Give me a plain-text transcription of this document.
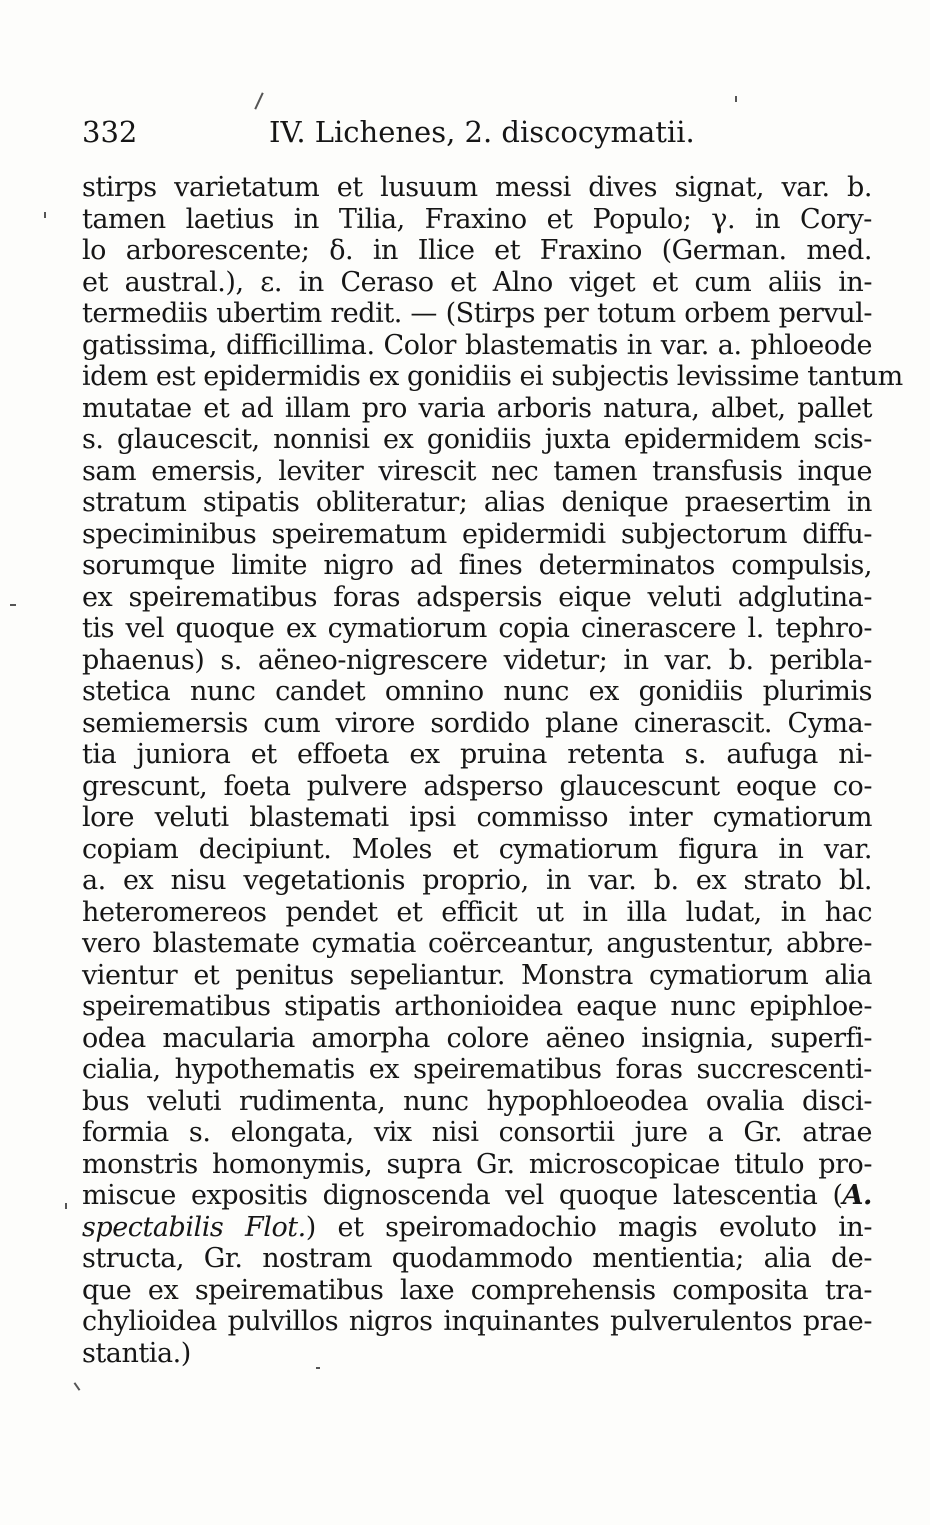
332	IV. Lichenes, 2. discocymatii.
stirps varietatum et lusuum messi dives signat, var. b.
tamen laetius in Tilia, Fraxino et Populo; γ. in Cory-
lo arborescente; δ. in Ilice et Fraxino (German. med.
et austral.), ε. in Ceraso et Alno viget et cum aliis in-
termediis ubertim redit. — (Stirps per totum orbem pervul-
gatissima, difficillima. Color blastematis in var. a. phloeode
idem est epidermidis ex gonidiis ei subjectis levissime tantum
mutatae et ad illam pro varia arboris natura, albet, pallet
s. glaucescit, nonnisi ex gonidiis juxta epidermidem scis-
sam emersis, leviter virescit nec tamen transfusis inque
stratum stipatis obliteratur; alias denique praesertim in
speciminibus speirematum epidermidi subjectorum diffu-
sorumque limite nigro ad fines determinatos compulsis,
ex speirematibus foras adspersis eique veluti adglutina-
tis vel quoque ex cymatiorum copia cinerascere l. tephro-
phaenus) s. aëneo-nigrescere videtur; in var. b. peribla-
stetica nunc candet omnino nunc ex gonidiis plurimis
semiemersis cum virore sordido plane cinerascit. Cyma-
tia juniora et effoeta ex pruina retenta s. aufuga ni-
grescunt, foeta pulvere adsperso glaucescunt eoque co-
lore veluti blastemati ipsi commisso inter cymatiorum
copiam decipiunt. Moles et cymatiorum figura in var.
a. ex nisu vegetationis proprio, in var. b. ex strato bl.
heteromereos pendet et efficit ut in illa ludat, in hac
vero blastemate cymatia coërceantur, angustentur, abbre-
vientur et penitus sepeliantur. Monstra cymatiorum alia
speirematibus stipatis arthonioidea eaque nunc epiphloe-
odea macularia amorpha colore aëneo insignia, superfi-
cialia, hypothematis ex speirematibus foras succrescenti-
bus veluti rudimenta, nunc hypophloeodea ovalia disci-
formia s. elongata, vix nisi consortii jure a Gr. atrae
monstris homonymis, supra Gr. microscopicae titulo pro-
miscue expositis dignoscenda vel quoque latescentia (A.
spectabilis Flot.) et speiromadochio magis evoluto in-
structa, Gr. nostram quodammodo mentientia; alia de-
que ex speirematibus laxe comprehensis composita tra-
chylioidea pulvillos nigros inquinantes pulverulentos prae-
stantia.)
